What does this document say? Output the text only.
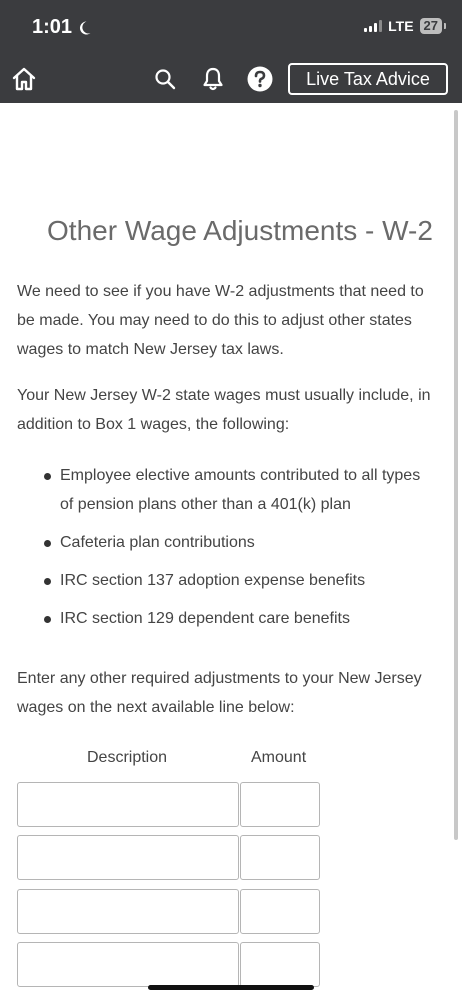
1:01	LTE 27
Live Tax Advice
Other Wage Adjustments - W-2

We need to see if you have W-2 adjustments that need to be made. You may need to do this to adjust other states wages to match New Jersey tax laws.

Your New Jersey W-2 state wages must usually include, in addition to Box 1 wages, the following:

Employee elective amounts contributed to all types of pension plans other than a 401(k) plan
Cafeteria plan contributions
IRC section 137 adoption expense benefits
IRC section 129 dependent care benefits

Enter any other required adjustments to your New Jersey wages on the next available line below:

Description	Amount
